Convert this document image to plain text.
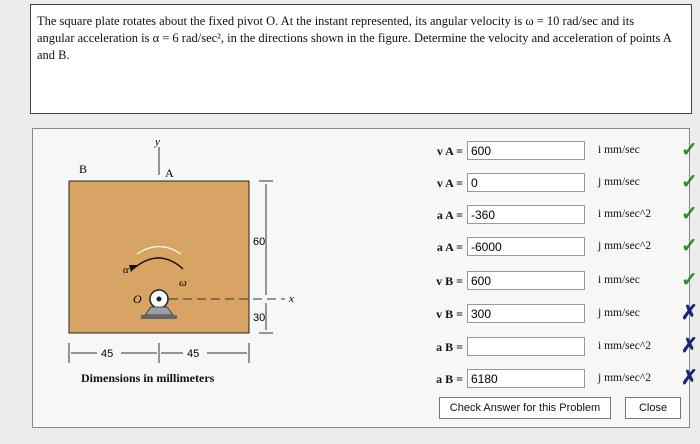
The square plate rotates about the fixed pivot O. At the instant represented, its angular velocity is ω = 10 rad/sec and its

angular acceleration is α = 6 rad/sec², in the directions shown in the figure. Determine the velocity and acceleration of points A

and B.

y
B	A
α
ω
O	x
60
30
45	45
Dimensions in millimeters
v A =
600	i mm/sec ✓
v A =
0	j mm/sec ✓
a A =
-360	i mm/sec^2 ✓
a A =
-6000	j mm/sec^2 ✓
v B =
600	i mm/sec ✓
v B =
300	j mm/sec ✗
a B =	i mm/sec^2 ✗
a B =
6180	j mm/sec^2 ✗
Check Answer for this Problem	Close
